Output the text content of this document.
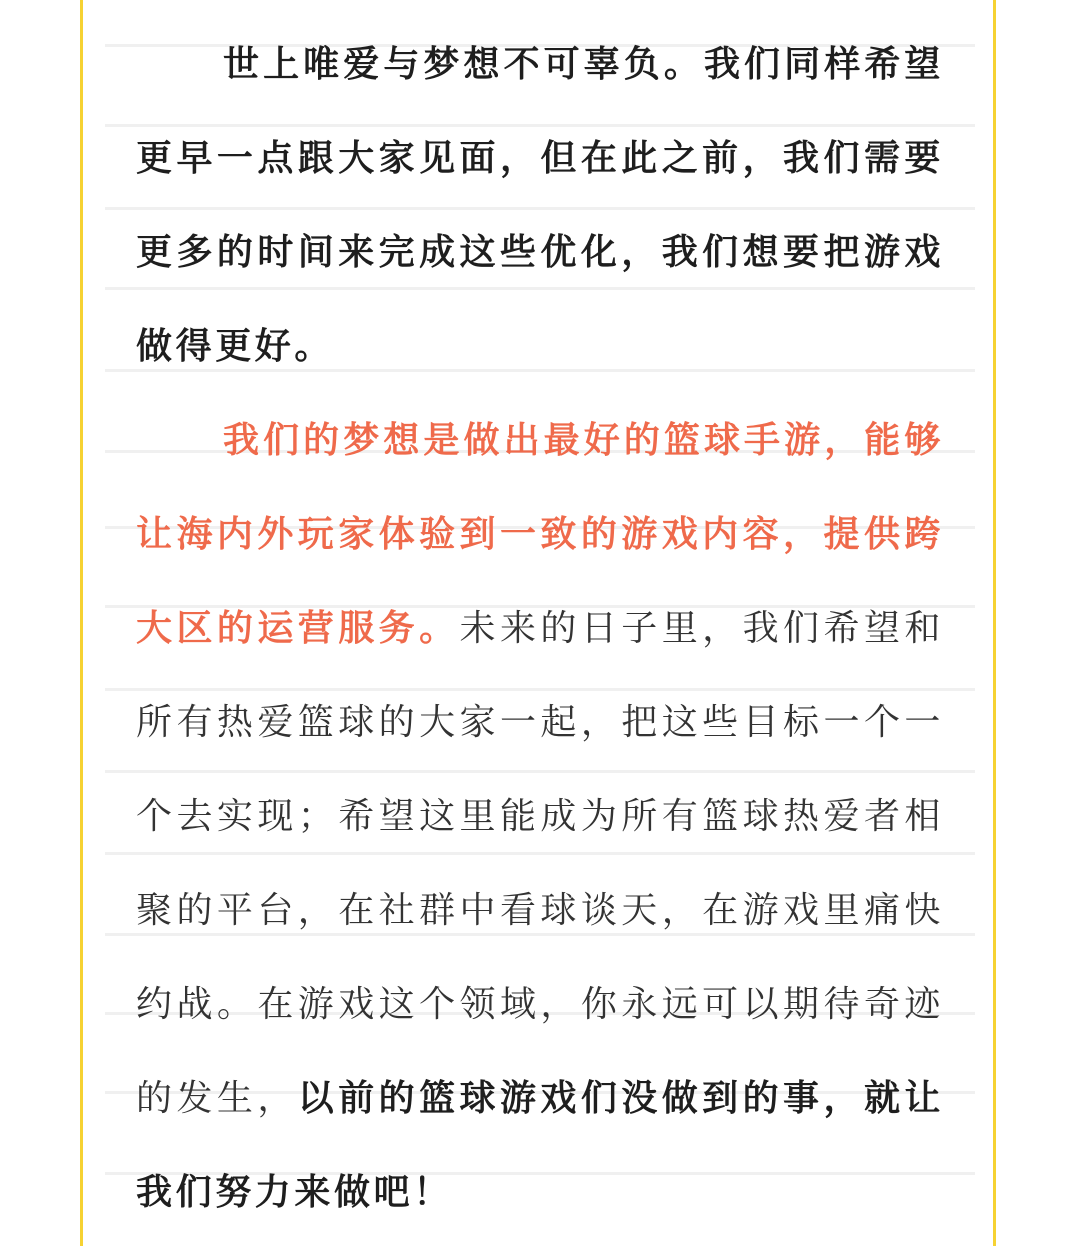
世上唯爱与梦想不可辜负。我们同样希望更早一点跟大家见面，但在此之前，我们需要更多的时间来完成这些优化，我们想要把游戏做得更好。

我们的梦想是做出最好的篮球手游，能够让海内外玩家体验到一致的游戏内容，提供跨大区的运营服务。未来的日子里，我们希望和所有热爱篮球的大家一起，把这些目标一个一个去实现；希望这里能成为所有篮球热爱者相聚的平台，在社群中看球谈天，在游戏里痛快约战。在游戏这个领域，你永远可以期待奇迹的发生，以前的篮球游戏们没做到的事，就让我们努力来做吧！
